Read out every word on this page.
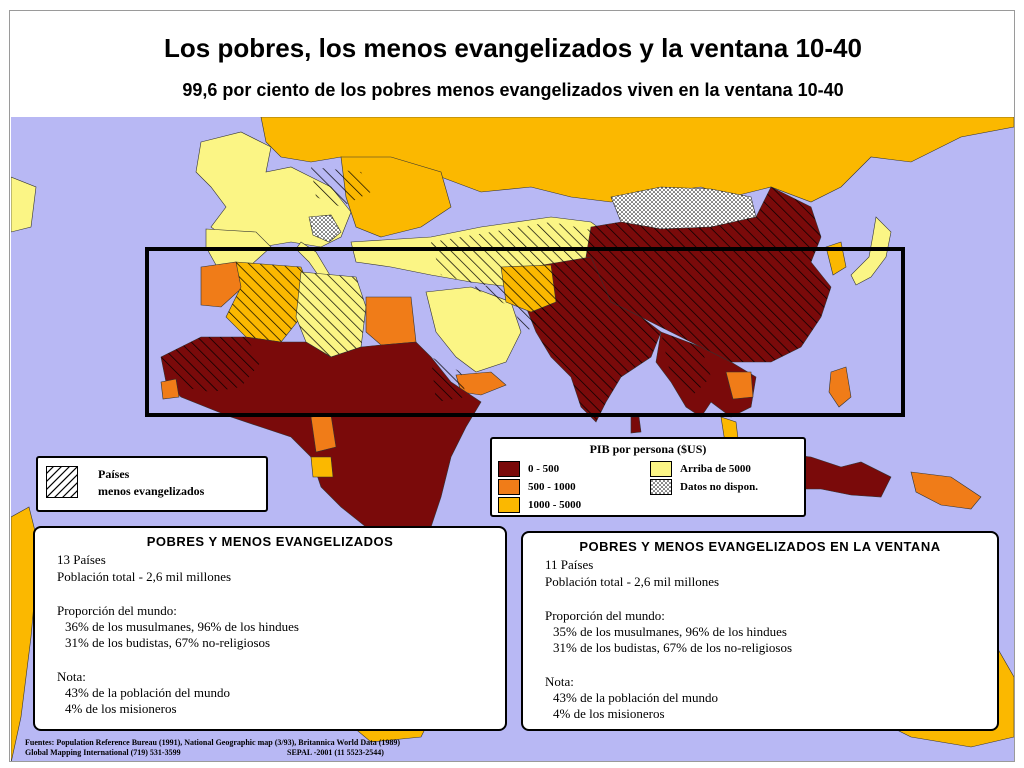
Los pobres, los menos evangelizados y la ventana 10-40
99,6 por ciento de los pobres menos evangelizados viven en la ventana 10-40
Países
menos evangelizados
PIB por persona ($US)
0 - 500
500 - 1000
1000 - 5000
Arriba de 5000
Datos no dispon.
POBRES Y MENOS EVANGELIZADOS
13 Países
Población total - 2,6 mil millones
Proporción del mundo:
36% de los musulmanes, 96% de los hindues
31% de los budistas, 67% no-religiosos
Nota:
43% de la población del mundo
4% de los misioneros
POBRES Y MENOS EVANGELIZADOS EN LA VENTANA
11 Países
Población total - 2,6 mil millones
Proporción del mundo:
35% de los musulmanes, 96% de los hindues
31% de los budistas, 67% de los no-religiosos
Nota:
43% de la población del mundo
4% de los misioneros
Fuentes: Population Reference Bureau (1991), National Geographic map (3/93), Britannica World Data (1989)
Global Mapping International (719) 531-3599	SEPAL -2001 (11 5523-2544)
